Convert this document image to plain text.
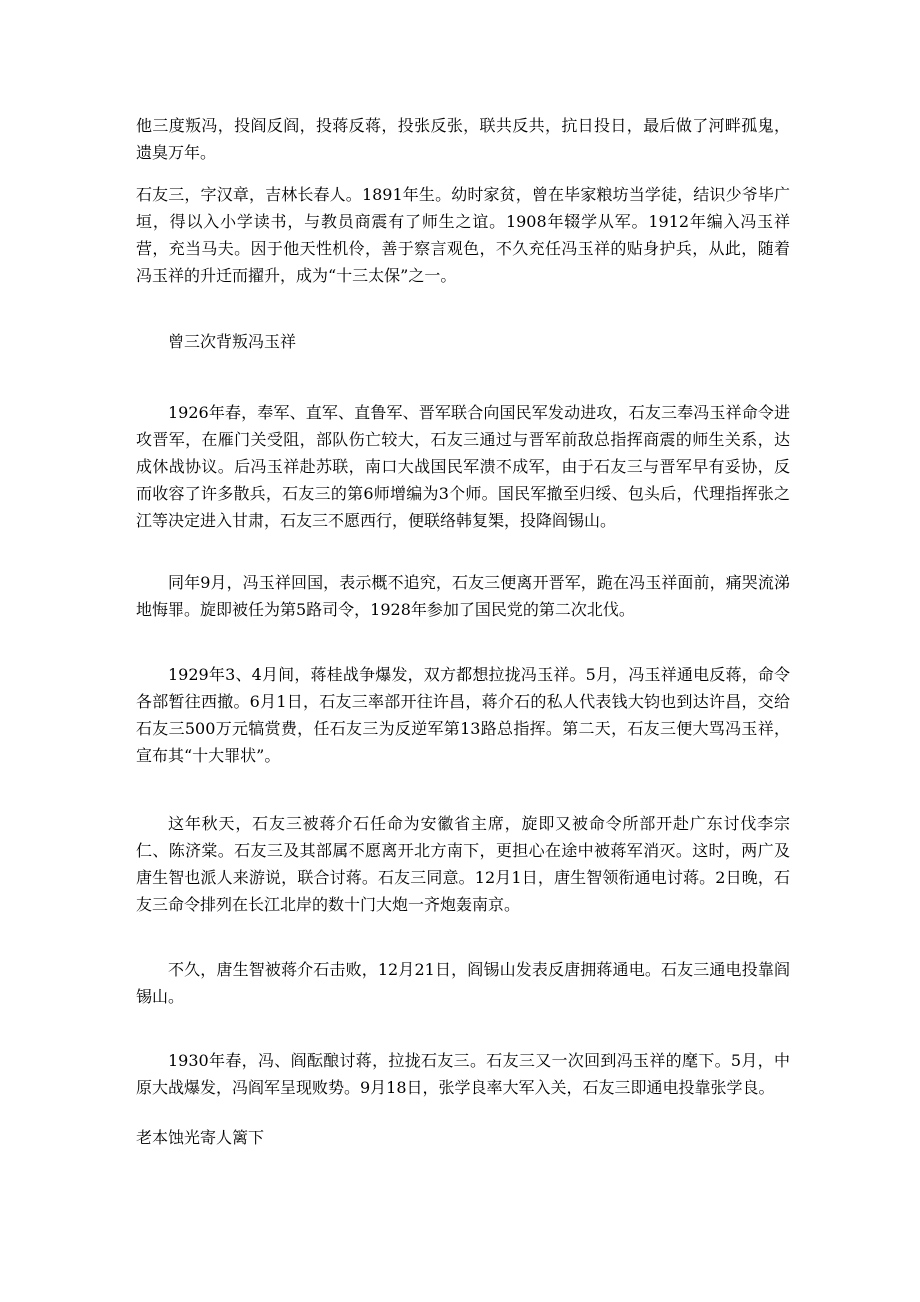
他三度叛冯，投阎反阎，投蒋反蒋，投张反张，联共反共，抗日投日，最后做了河畔孤鬼，遗臭万年。

石友三，字汉章，吉林长春人。1891年生。幼时家贫，曾在毕家粮坊当学徒，结识少爷毕广垣，得以入小学读书，与教员商震有了师生之谊。1908年辍学从军。1912年编入冯玉祥营，充当马夫。因于他天性机伶，善于察言观色，不久充任冯玉祥的贴身护兵，从此，随着冯玉祥的升迁而擢升，成为“十三太保”之一。

曾三次背叛冯玉祥

1926年春，奉军、直军、直鲁军、晋军联合向国民军发动进攻，石友三奉冯玉祥命令进攻晋军，在雁门关受阻，部队伤亡较大，石友三通过与晋军前敌总指挥商震的师生关系，达成休战协议。后冯玉祥赴苏联，南口大战国民军溃不成军，由于石友三与晋军早有妥协，反而收容了许多散兵，石友三的第6师增编为3个师。国民军撤至归绥、包头后，代理指挥张之江等决定进入甘肃，石友三不愿西行，便联络韩复榘，投降阎锡山。

同年9月，冯玉祥回国，表示概不追究，石友三便离开晋军，跪在冯玉祥面前，痛哭流涕地悔罪。旋即被任为第5路司令，1928年参加了国民党的第二次北伐。

1929年3、4月间，蒋桂战争爆发，双方都想拉拢冯玉祥。5月，冯玉祥通电反蒋，命令各部暂往西撤。6月1日，石友三率部开往许昌，蒋介石的私人代表钱大钧也到达许昌，交给石友三500万元犒赏费，任石友三为反逆军第13路总指挥。第二天，石友三便大骂冯玉祥，宣布其“十大罪状”。

这年秋天，石友三被蒋介石任命为安徽省主席，旋即又被命令所部开赴广东讨伐李宗仁、陈济棠。石友三及其部属不愿离开北方南下，更担心在途中被蒋军消灭。这时，两广及唐生智也派人来游说，联合讨蒋。石友三同意。12月1日，唐生智领衔通电讨蒋。2日晚，石友三命令排列在长江北岸的数十门大炮一齐炮轰南京。

不久，唐生智被蒋介石击败，12月21日，阎锡山发表反唐拥蒋通电。石友三通电投靠阎锡山。

1930年春，冯、阎酝酿讨蒋，拉拢石友三。石友三又一次回到冯玉祥的麾下。5月，中原大战爆发，冯阎军呈现败势。9月18日，张学良率大军入关，石友三即通电投靠张学良。

老本蚀光寄人篱下
